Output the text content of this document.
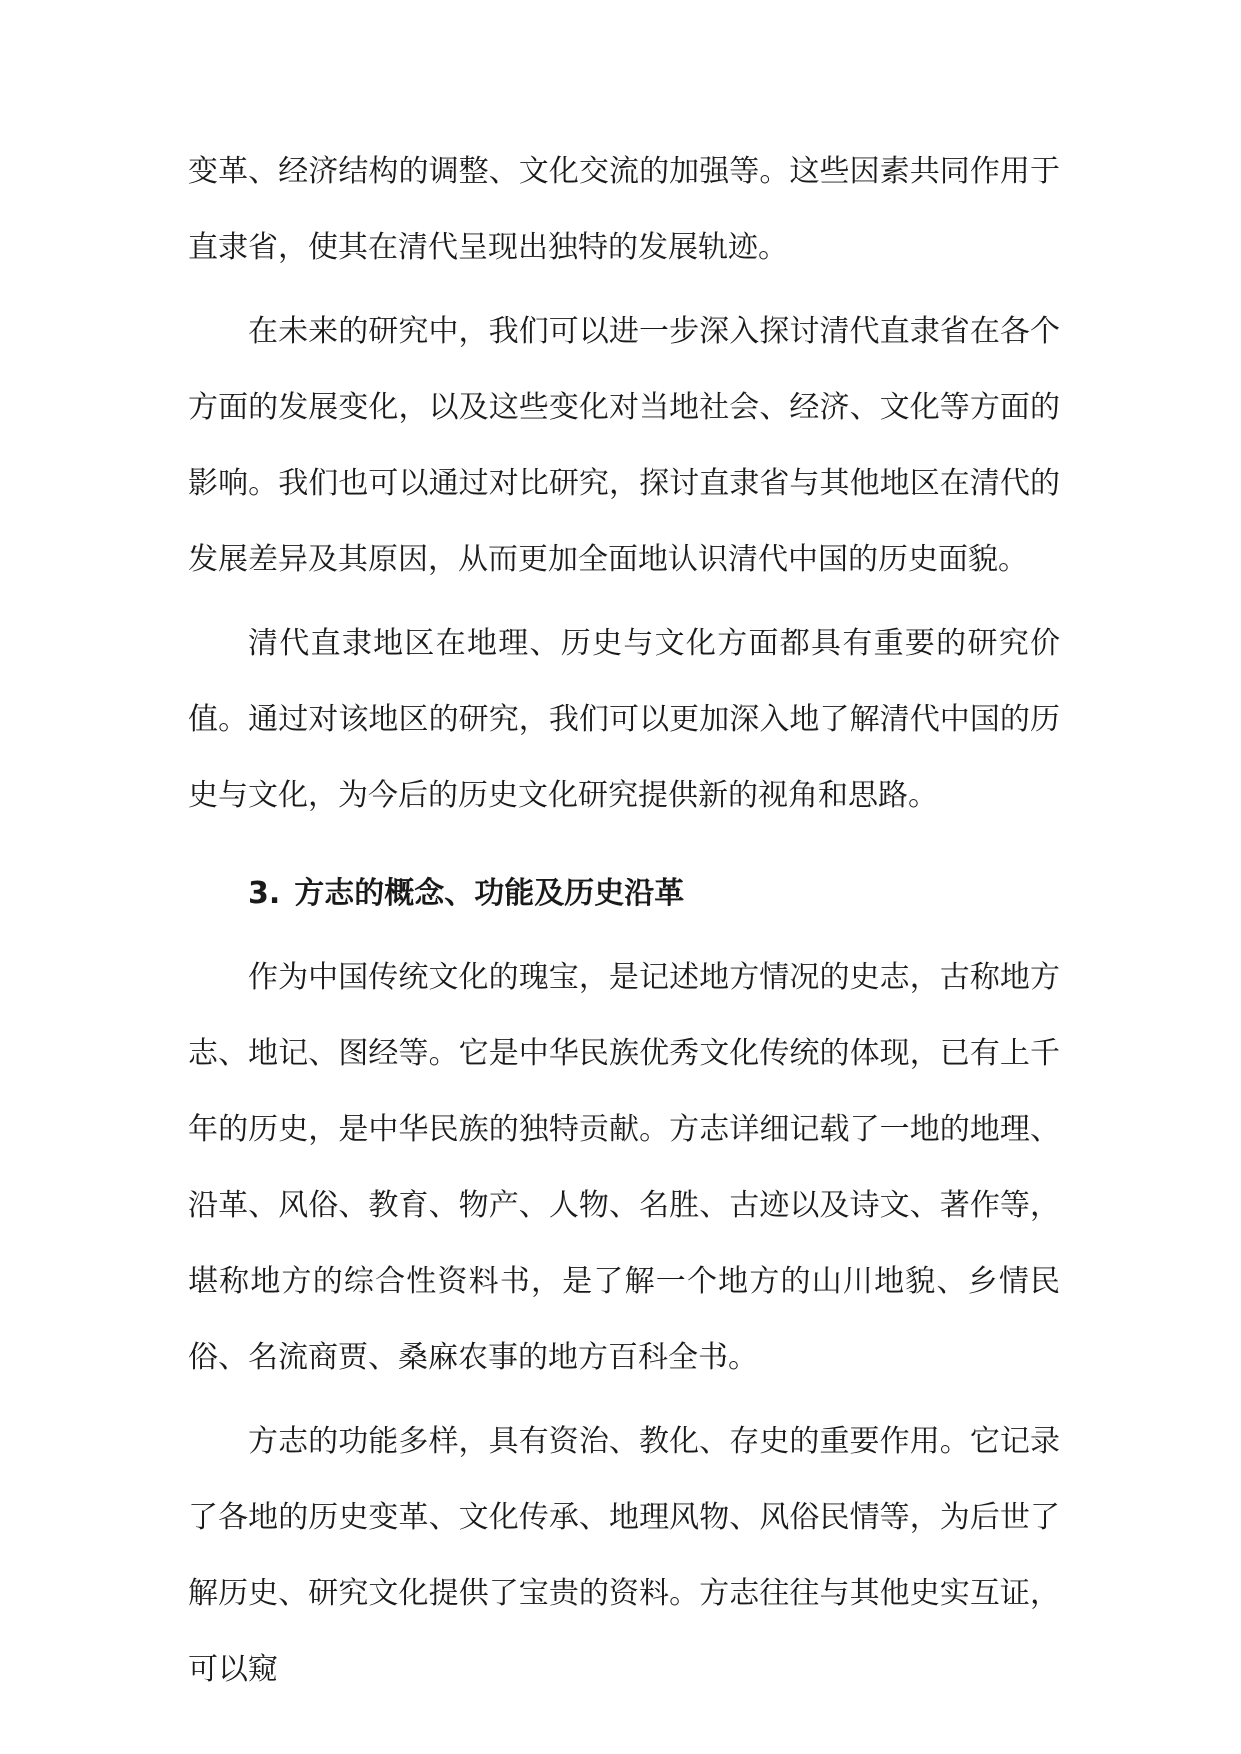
变革、经济结构的调整、文化交流的加强等。这些因素共同作用于直隶省，使其在清代呈现出独特的发展轨迹。

在未来的研究中，我们可以进一步深入探讨清代直隶省在各个方面的发展变化，以及这些变化对当地社会、经济、文化等方面的影响。我们也可以通过对比研究，探讨直隶省与其他地区在清代的发展差异及其原因，从而更加全面地认识清代中国的历史面貌。

清代直隶地区在地理、历史与文化方面都具有重要的研究价值。通过对该地区的研究，我们可以更加深入地了解清代中国的历史与文化，为今后的历史文化研究提供新的视角和思路。

3. 方志的概念、功能及历史沿革

作为中国传统文化的瑰宝，是记述地方情况的史志，古称地方志、地记、图经等。它是中华民族优秀文化传统的体现，已有上千年的历史，是中华民族的独特贡献。方志详细记载了一地的地理、沿革、风俗、教育、物产、人物、名胜、古迹以及诗文、著作等，堪称地方的综合性资料书，是了解一个地方的山川地貌、乡情民俗、名流商贾、桑麻农事的地方百科全书。

方志的功能多样，具有资治、教化、存史的重要作用。它记录了各地的历史变革、文化传承、地理风物、风俗民情等，为后世了解历史、研究文化提供了宝贵的资料。方志往往与其他史实互证，可以窥
